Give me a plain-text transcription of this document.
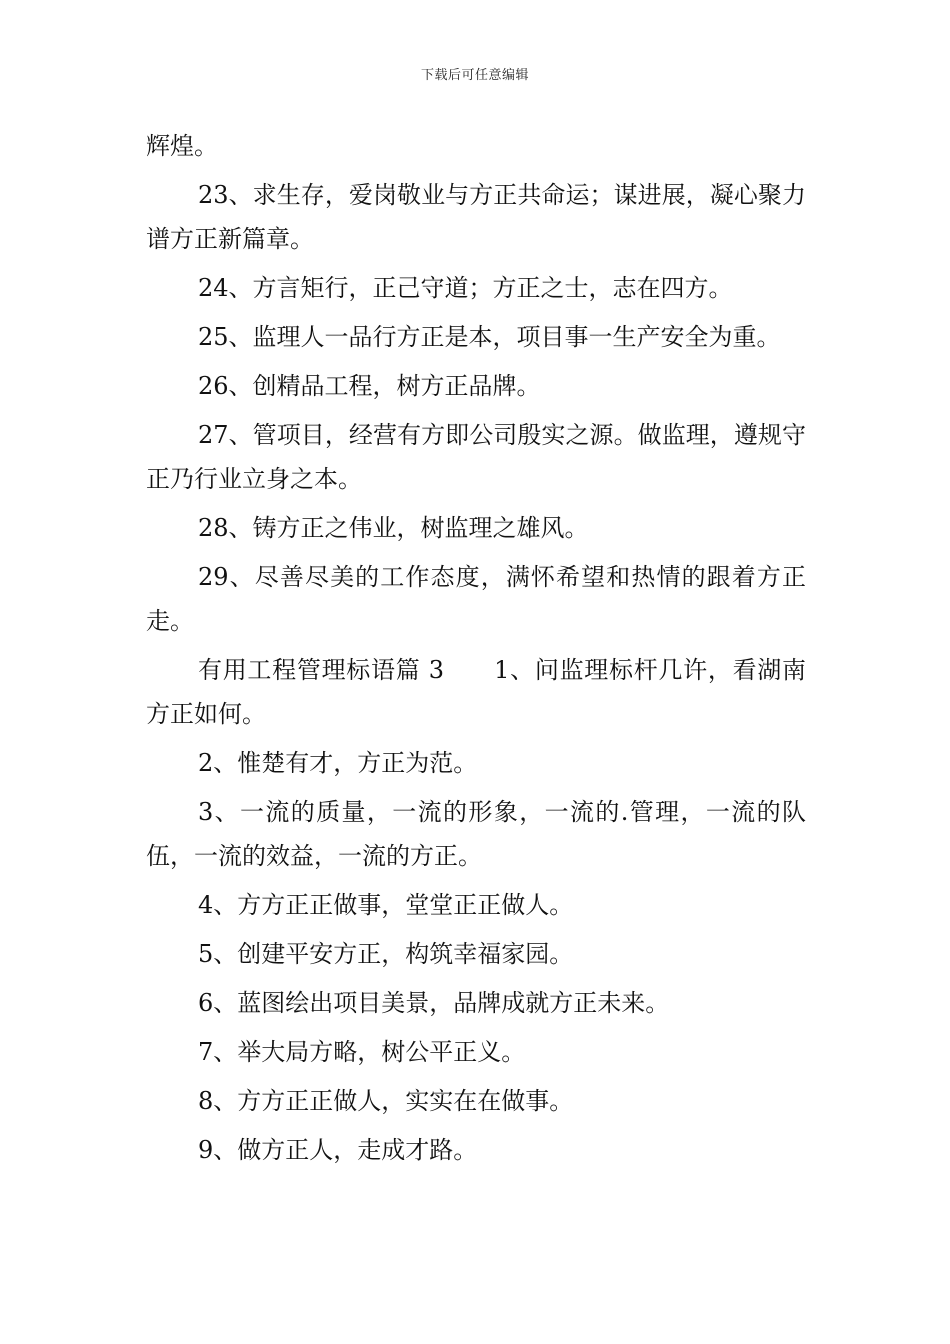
下载后可任意编辑

辉煌。

23、求生存，爱岗敬业与方正共命运；谋进展，凝心聚力谱方正新篇章。

24、方言矩行，正己守道；方正之士，志在四方。

25、监理人一品行方正是本，项目事一生产安全为重。

26、创精品工程，树方正品牌。

27、管项目，经营有方即公司殷实之源。做监理，遵规守正乃行业立身之本。

28、铸方正之伟业，树监理之雄风。

29、尽善尽美的工作态度，满怀希望和热情的跟着方正走。

有用工程管理标语篇 3　　1、问监理标杆几许，看湖南方正如何。

2、惟楚有才，方正为范。

3、一流的质量，一流的形象，一流的.管理，一流的队伍，一流的效益，一流的方正。

4、方方正正做事，堂堂正正做人。

5、创建平安方正，构筑幸福家园。

6、蓝图绘出项目美景，品牌成就方正未来。

7、举大局方略，树公平正义。

8、方方正正做人，实实在在做事。

9、做方正人，走成才路。
